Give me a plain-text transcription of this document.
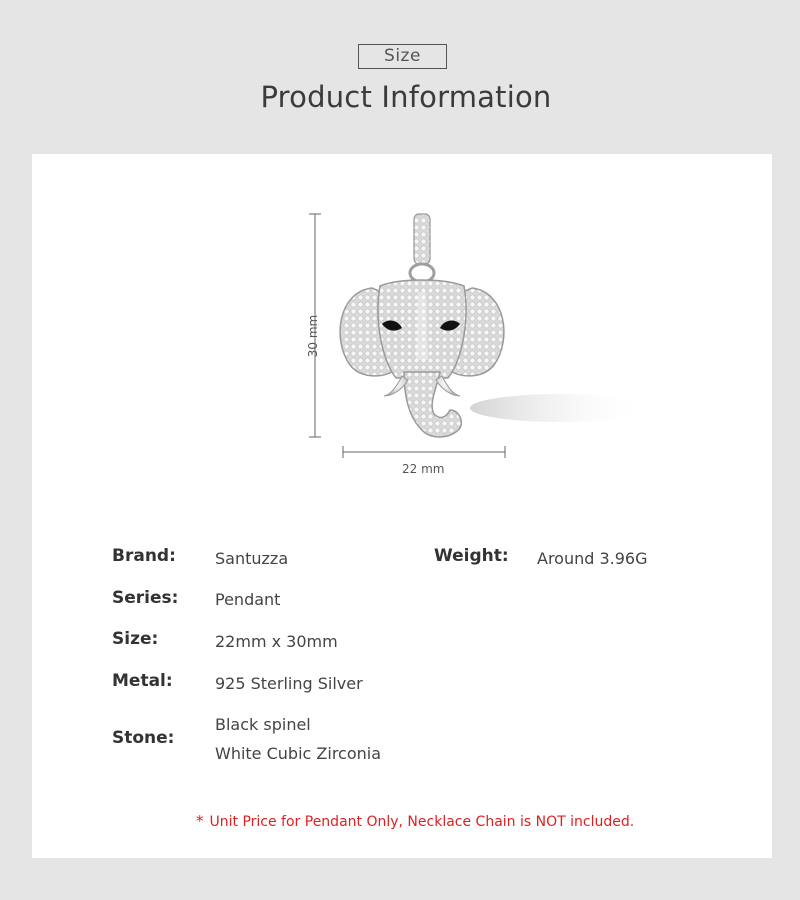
Size
Product Information
30 mm
22 mm
Brand: Santuzza	Weight: Around 3.96G
Series: Pendant
Size:	22mm x 30mm
Metal:	925 Sterling Silver
Stone:
Black spinel
White Cubic Zirconia
* Unit Price for Pendant Only, Necklace Chain is NOT included.
